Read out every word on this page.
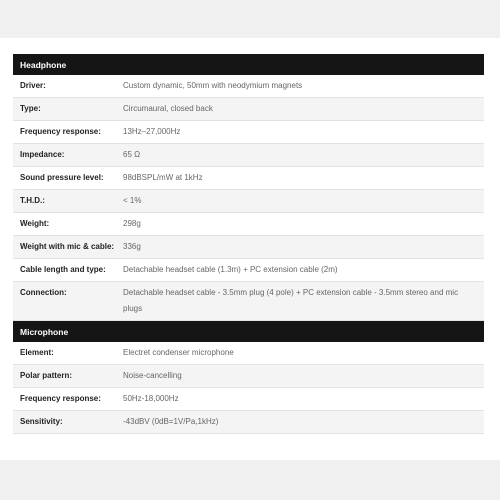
Headphone
Driver:	Custom dynamic, 50mm with neodymium magnets
Type:	Circumaural, closed back
Frequency response:	13Hz–27,000Hz
Impedance:	65 Ω
Sound pressure level:	98dBSPL/mW at 1kHz
T.H.D.:	< 1%
Weight:	298g
Weight with mic & cable:	336g
Cable length and type:	Detachable headset cable (1.3m) + PC extension cable (2m)
Connection:	Detachable headset cable - 3.5mm plug (4 pole) + PC extension cable - 3.5mm stereo and mic plugs
Microphone
Element:	Electret condenser microphone
Polar pattern:	Noise-cancelling
Frequency response:	50Hz-18,000Hz
Sensitivity:	-43dBV (0dB=1V/Pa,1kHz)
